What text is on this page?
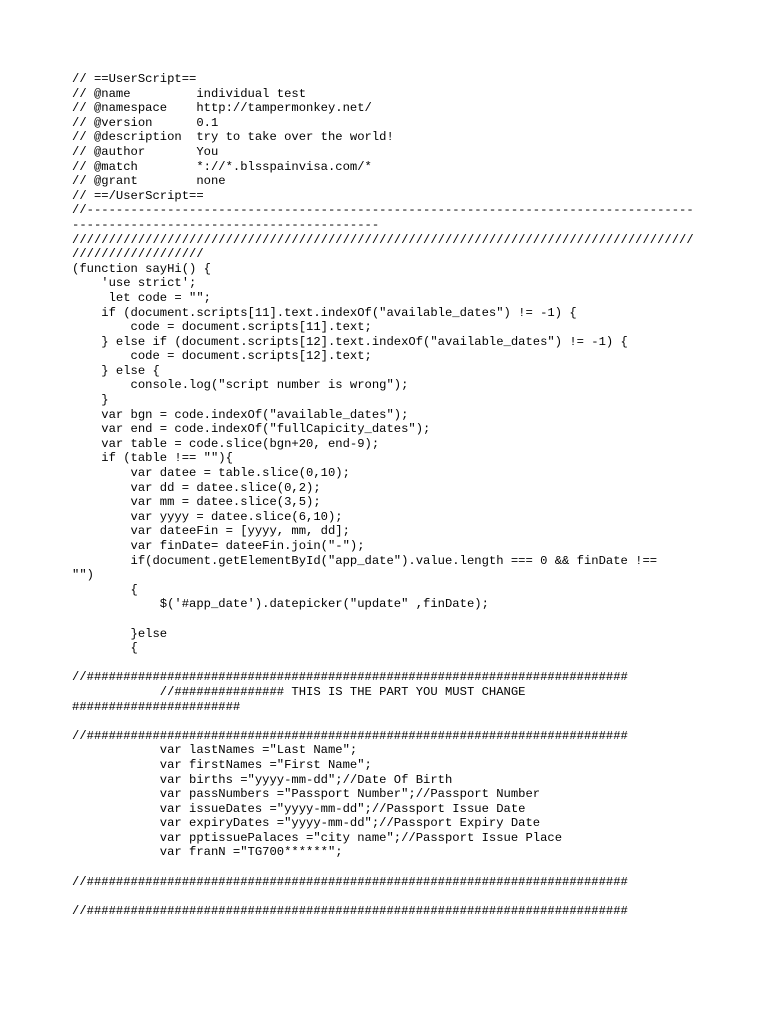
// ==UserScript==
// @name         individual test
// @namespace    http://tampermonkey.net/
// @version      0.1
// @description  try to take over the world!
// @author       You
// @match        *://*.blsspainvisa.com/*
// @grant        none
// ==/UserScript==
//-----------------------------------------------------------------------------------
------------------------------------------
/////////////////////////////////////////////////////////////////////////////////////
//////////////////
(function sayHi() {
'use strict';
let code = "";
if (document.scripts[11].text.indexOf("available_dates") != -1) {
code = document.scripts[11].text;
} else if (document.scripts[12].text.indexOf("available_dates") != -1) {
code = document.scripts[12].text;
} else {
console.log("script number is wrong");
}
var bgn = code.indexOf("available_dates");
var end = code.indexOf("fullCapicity_dates");
var table = code.slice(bgn+20, end-9);
if (table !== ""){
var datee = table.slice(0,10);
var dd = datee.slice(0,2);
var mm = datee.slice(3,5);
var yyyy = datee.slice(6,10);
var dateeFin = [yyyy, mm, dd];
var finDate= dateeFin.join("-");
if(document.getElementById("app_date").value.length === 0 && finDate !==
"")
{
$('#app_date').datepicker("update" ,finDate);
}else
{
//##########################################################################
//############### THIS IS THE PART YOU MUST CHANGE
#######################
//##########################################################################
var lastNames ="Last Name";
var firstNames ="First Name";
var births ="yyyy-mm-dd";//Date Of Birth
var passNumbers ="Passport Number";//Passport Number
var issueDates ="yyyy-mm-dd";//Passport Issue Date
var expiryDates ="yyyy-mm-dd";//Passport Expiry Date
var pptissuePalaces ="city name";//Passport Issue Place
var franN ="TG700******";
//##########################################################################
//##########################################################################
